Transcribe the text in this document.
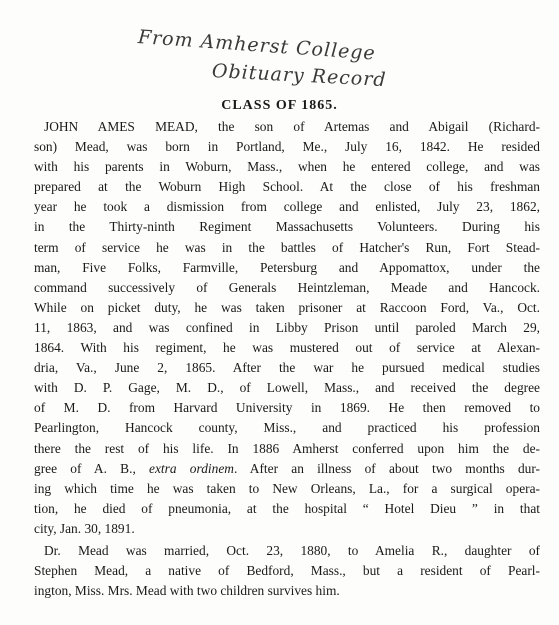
From Amherst College
Obituary Record
CLASS OF 1865.
JOHN AMES MEAD, the son of Artemas and Abigail (Richard-
son) Mead, was born in Portland, Me., July 16, 1842. He resided
with his parents in Woburn, Mass., when he entered college, and was
prepared at the Woburn High School. At the close of his freshman
year he took a dismission from college and enlisted, July 23, 1862,
in the Thirty-ninth Regiment Massachusetts Volunteers. During his
term of service he was in the battles of Hatcher's Run, Fort Stead-
man, Five Folks, Farmville, Petersburg and Appomattox, under the
command successively of Generals Heintzleman, Meade and Hancock.
While on picket duty, he was taken prisoner at Raccoon Ford, Va., Oct.
11, 1863, and was confined in Libby Prison until paroled March 29,
1864. With his regiment, he was mustered out of service at Alexan-
dria, Va., June 2, 1865. After the war he pursued medical studies
with D. P. Gage, M. D., of Lowell, Mass., and received the degree
of M. D. from Harvard University in 1869. He then removed to
Pearlington, Hancock county, Miss., and practiced his profession
there the rest of his life. In 1886 Amherst conferred upon him the de-
gree of A. B., extra ordinem. After an illness of about two months dur-
ing which time he was taken to New Orleans, La., for a surgical opera-
tion, he died of pneumonia, at the hospital “ Hotel Dieu ” in that
city, Jan. 30, 1891.
Dr. Mead was married, Oct. 23, 1880, to Amelia R., daughter of
Stephen Mead, a native of Bedford, Mass., but a resident of Pearl-
ington, Miss. Mrs. Mead with two children survives him.
